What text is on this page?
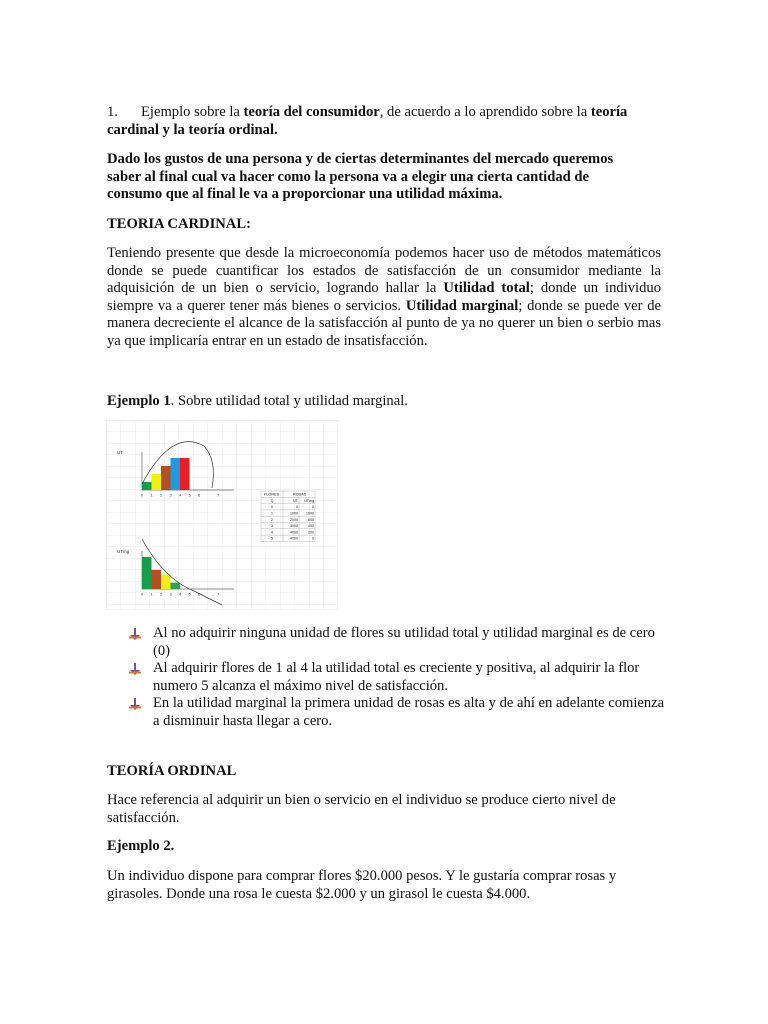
1. Ejemplo sobre la teoría del consumidor, de acuerdo a lo aprendido sobre la teoría cardinal y la teoría ordinal.

Dado los gustos de una persona y de ciertas determinantes del mercado queremos saber al final cual va hacer como la persona va a elegir una cierta cantidad de consumo que al final le va a proporcionar una utilidad máxima.

TEORIA CARDINAL:

Teniendo presente que desde la microeconomía podemos hacer uso de métodos matemáticos donde se puede cuantificar los estados de satisfacción de un consumidor mediante la adquisición de un bien o servicio, logrando hallar la Utilidad total; donde un individuo siempre va a querer tener más bienes o servicios. Utilidad marginal; donde se puede ver de manera decreciente el alcance de la satisfacción al punto de ya no querer un bien o serbio mas ya que implicaría entrar en un estado de insatisfacción.

Ejemplo 1. Sobre utilidad total y utilidad marginal.

UT
0 1 2 3 4 5 6	7
UTmg
0 1 2 3 4 5 6	7
FLORES	ROSAS
Q	UT UTmg
0	0	0
1	1000 1000
2	2000	600
3	3000	450
4	4000	200
5	4000	0

Al no adquirir ninguna unidad de flores su utilidad total y utilidad marginal es de cero (0)

Al adquirir flores de 1 al 4 la utilidad total es creciente y positiva, al adquirir la flor numero 5 alcanza el máximo nivel de satisfacción.

En la utilidad marginal la primera unidad de rosas es alta y de ahí en adelante comienza a disminuir hasta llegar a cero.

TEORÍA ORDINAL

Hace referencia al adquirir un bien o servicio en el individuo se produce cierto nivel de satisfacción.

Ejemplo 2.

Un individuo dispone para comprar flores $20.000 pesos. Y le gustaría comprar rosas y girasoles. Donde una rosa le cuesta $2.000 y un girasol le cuesta $4.000.
